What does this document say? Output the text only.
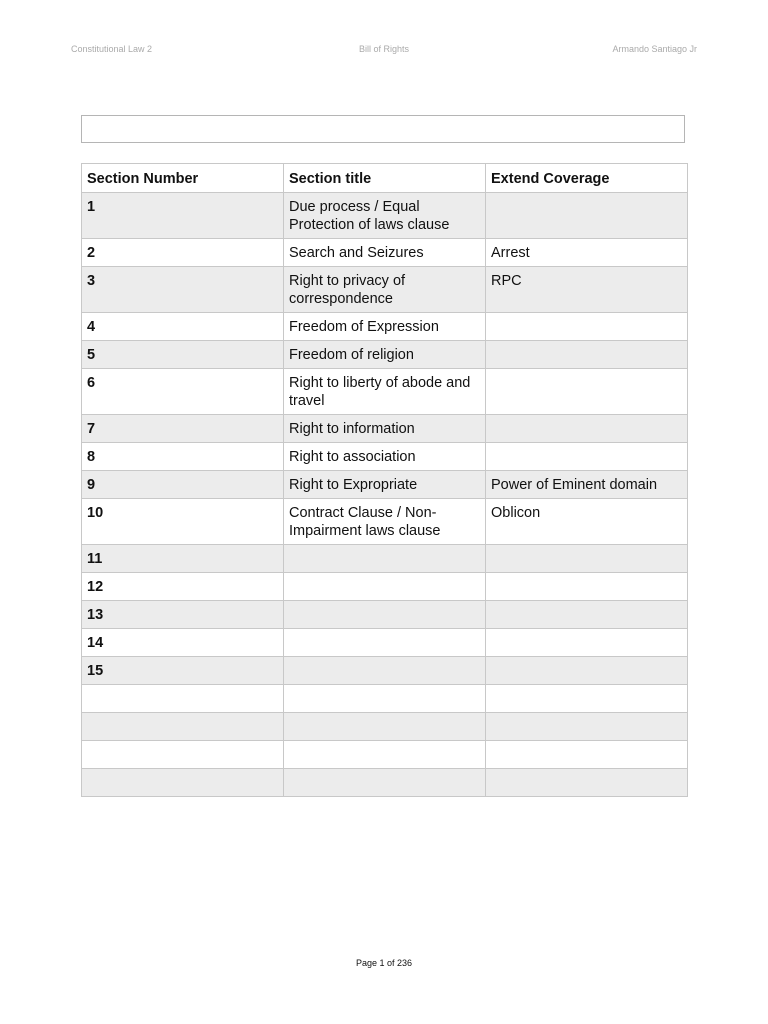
Constitutional Law 2	Bill of Rights	Armando Santiago Jr
Section Number	Section title	Extend Coverage
1	Due process / Equal Protection of laws clause	
2	Search and Seizures	Arrest
3	Right to privacy of correspondence	RPC
4	Freedom of Expression	
5	Freedom of religion	
6	Right to liberty of abode and travel	
7	Right to information	
8	Right to association	
9	Right to Expropriate	Power of Eminent domain
10	Contract Clause / Non-Impairment laws clause	Oblicon
11		
12		
13		
14		
15		

Page 1 of 236
